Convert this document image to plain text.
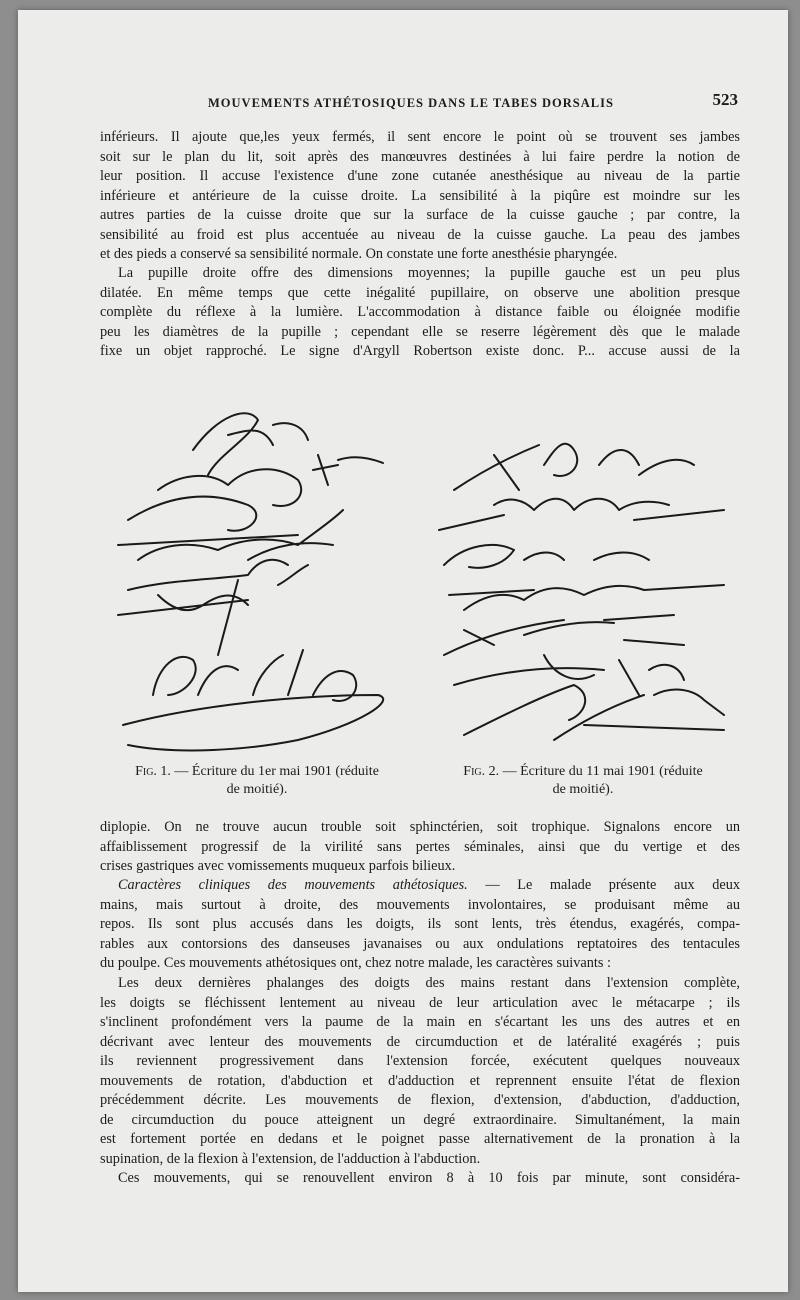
MOUVEMENTS ATHÉTOSIQUES DANS LE TABES DORSALIS	523
inférieurs. Il ajoute que,les yeux fermés, il sent encore le point où se trouvent ses jambes
soit sur le plan du lit, soit après des manœuvres destinées à lui faire perdre la notion de
leur position. Il accuse l'existence d'une zone cutanée anesthésique au niveau de la partie
inférieure et antérieure de la cuisse droite. La sensibilité à la piqûre est moindre sur les
autres parties de la cuisse droite que sur la surface de la cuisse gauche ; par contre, la
sensibilité au froid est plus accentuée au niveau de la cuisse gauche. La peau des jambes
et des pieds a conservé sa sensibilité normale. On constate une forte anesthésie pharyngée.
La pupille droite offre des dimensions moyennes; la pupille gauche est un peu plus
dilatée. En même temps que cette inégalité pupillaire, on observe une abolition presque
complète du réflexe à la lumière. L'accommodation à distance faible ou éloignée modifie
peu les diamètres de la pupille ; cependant elle se reserre légèrement dès que le malade
fixe un objet rapproché. Le signe d'Argyll Robertson existe donc. P... accuse aussi de la
Fig. 1. — Écriture du 1er mai 1901 (réduite
de moitié).
Fig. 2. — Écriture du 11 mai 1901 (réduite
de moitié).
diplopie. On ne trouve aucun trouble soit sphinctérien, soit trophique. Signalons encore un
affaiblissement progressif de la virilité sans pertes séminales, ainsi que du vertige et des
crises gastriques avec vomissements muqueux parfois bilieux.
Caractères cliniques des mouvements athétosiques. — Le malade présente aux deux
mains, mais surtout à droite, des mouvements involontaires, se produisant même au
repos. Ils sont plus accusés dans les doigts, ils sont lents, très étendus, exagérés, compa-
rables aux contorsions des danseuses javanaises ou aux ondulations reptatoires des tentacules
du poulpe. Ces mouvements athétosiques ont, chez notre malade, les caractères suivants :
Les deux dernières phalanges des doigts des mains restant dans l'extension complète,
les doigts se fléchissent lentement au niveau de leur articulation avec le métacarpe ; ils
s'inclinent profondément vers la paume de la main en s'écartant les uns des autres et en
décrivant avec lenteur des mouvements de circumduction et de latéralité exagérés ; puis
ils reviennent progressivement dans l'extension forcée, exécutent quelques nouveaux
mouvements de rotation, d'abduction et d'adduction et reprennent ensuite l'état de flexion
précédemment décrite. Les mouvements de flexion, d'extension, d'abduction, d'adduction,
de circumduction du pouce atteignent un degré extraordinaire. Simultanément, la main
est fortement portée en dedans et le poignet passe alternativement de la pronation à la
supination, de la flexion à l'extension, de l'adduction à l'abduction.
Ces mouvements, qui se renouvellent environ 8 à 10 fois par minute, sont considéra-
